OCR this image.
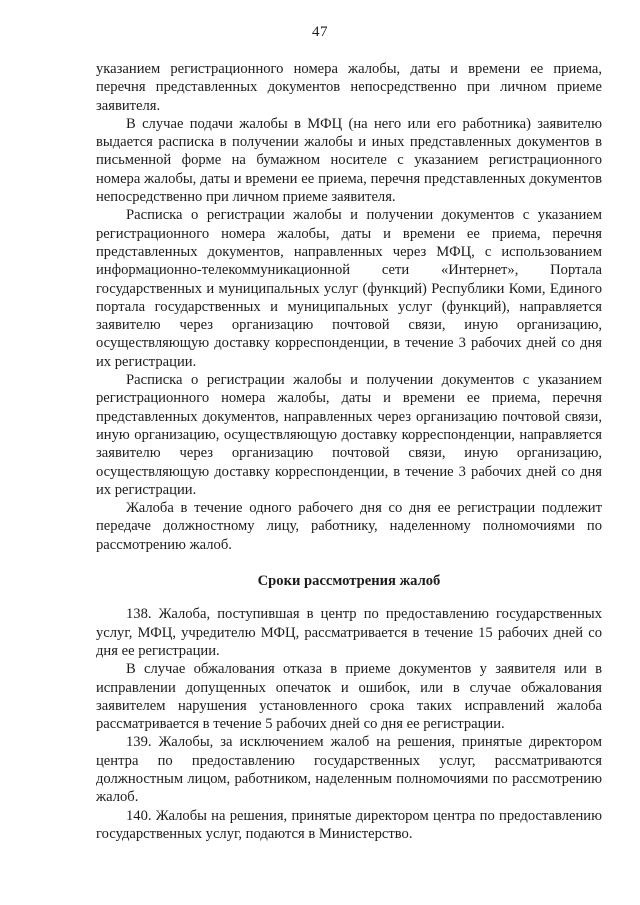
47

указанием регистрационного номера жалобы, даты и времени ее приема, перечня представленных документов непосредственно при личном приеме заявителя.

В случае подачи жалобы в МФЦ (на него или его работника) заявителю выдается расписка в получении жалобы и иных представленных документов в письменной форме на бумажном носителе с указанием регистрационного номера жалобы, даты и времени ее приема, перечня представленных документов непосредственно при личном приеме заявителя.

Расписка о регистрации жалобы и получении документов с указанием регистрационного номера жалобы, даты и времени ее приема, перечня представленных документов, направленных через МФЦ, с использованием информационно-телекоммуникационной сети «Интернет», Портала государственных и муниципальных услуг (функций) Республики Коми, Единого портала государственных и муниципальных услуг (функций), направляется заявителю через организацию почтовой связи, иную организацию, осуществляющую доставку корреспонденции, в течение 3 рабочих дней со дня их регистрации.

Расписка о регистрации жалобы и получении документов с указанием регистрационного номера жалобы, даты и времени ее приема, перечня представленных документов, направленных через организацию почтовой связи, иную организацию, осуществляющую доставку корреспонденции, направляется заявителю через организацию почтовой связи, иную организацию, осуществляющую доставку корреспонденции, в течение 3 рабочих дней со дня их регистрации.

Жалоба в течение одного рабочего дня со дня ее регистрации подлежит передаче должностному лицу, работнику, наделенному полномочиями по рассмотрению жалоб.

Сроки рассмотрения жалоб

138. Жалоба, поступившая в центр по предоставлению государственных услуг, МФЦ, учредителю МФЦ, рассматривается в течение 15 рабочих дней со дня ее регистрации.

В случае обжалования отказа в приеме документов у заявителя или в исправлении допущенных опечаток и ошибок, или в случае обжалования заявителем нарушения установленного срока таких исправлений жалоба рассматривается в течение 5 рабочих дней со дня ее регистрации.

139. Жалобы, за исключением жалоб на решения, принятые директором центра по предоставлению государственных услуг, рассматриваются должностным лицом, работником, наделенным полномочиями по рассмотрению жалоб.

140. Жалобы на решения, принятые директором центра по предоставлению государственных услуг, подаются в Министерство.
